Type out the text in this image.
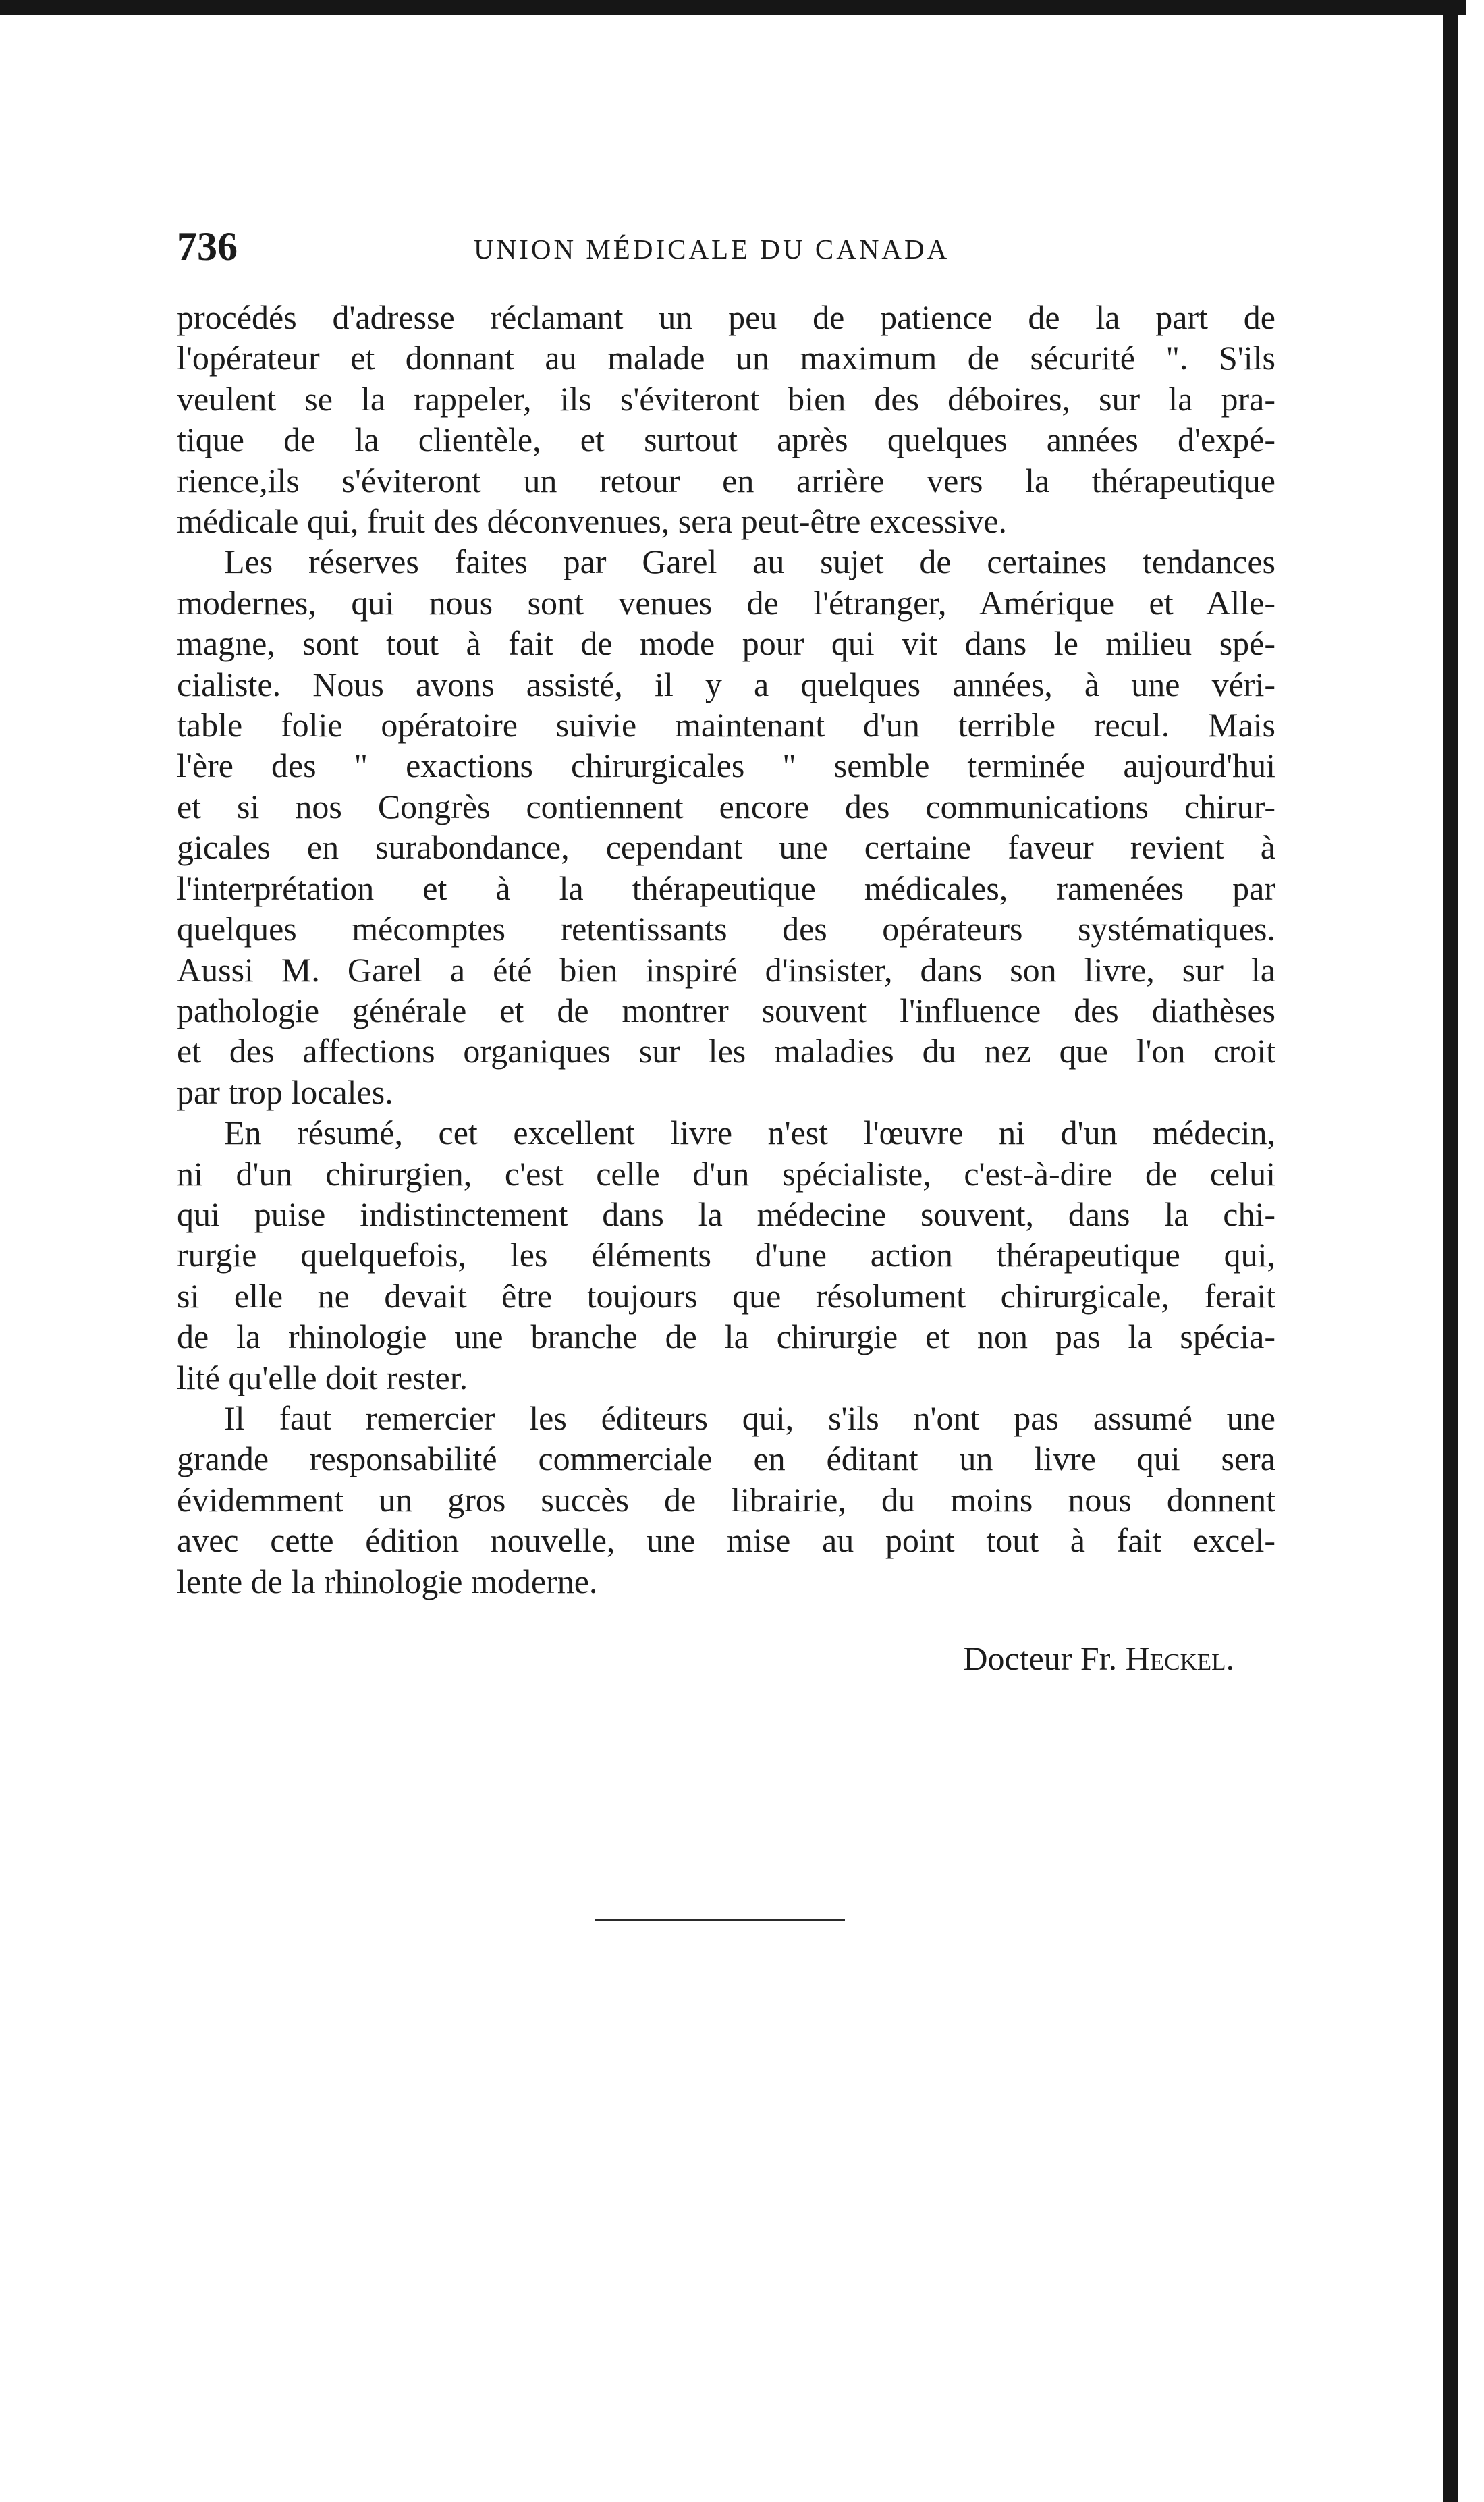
736	UNION MÉDICALE DU CANADA
procédés d'adresse réclamant un peu de patience de la part de
l'opérateur et donnant au malade un maximum de sécurité ". S'ils
veulent se la rappeler, ils s'éviteront bien des déboires, sur la pra-
tique de la clientèle, et surtout après quelques années d'expé-
rience,ils s'éviteront un retour en arrière vers la thérapeutique
médicale qui, fruit des déconvenues, sera peut-être excessive.
Les réserves faites par Garel au sujet de certaines tendances
modernes, qui nous sont venues de l'étranger, Amérique et Alle-
magne, sont tout à fait de mode pour qui vit dans le milieu spé-
cialiste. Nous avons assisté, il y a quelques années, à une véri-
table folie opératoire suivie maintenant d'un terrible recul. Mais
l'ère des " exactions chirurgicales " semble terminée aujourd'hui
et si nos Congrès contiennent encore des communications chirur-
gicales en surabondance, cependant une certaine faveur revient à
l'interprétation et à la thérapeutique médicales, ramenées par
quelques mécomptes retentissants des opérateurs systématiques.
Aussi M. Garel a été bien inspiré d'insister, dans son livre, sur la
pathologie générale et de montrer souvent l'influence des diathèses
et des affections organiques sur les maladies du nez que l'on croit
par trop locales.
En résumé, cet excellent livre n'est l'œuvre ni d'un médecin,
ni d'un chirurgien, c'est celle d'un spécialiste, c'est-à-dire de celui
qui puise indistinctement dans la médecine souvent, dans la chi-
rurgie quelquefois, les éléments d'une action thérapeutique qui,
si elle ne devait être toujours que résolument chirurgicale, ferait
de la rhinologie une branche de la chirurgie et non pas la spécia-
lité qu'elle doit rester.
Il faut remercier les éditeurs qui, s'ils n'ont pas assumé une
grande responsabilité commerciale en éditant un livre qui sera
évidemment un gros succès de librairie, du moins nous donnent
avec cette édition nouvelle, une mise au point tout à fait excel-
lente de la rhinologie moderne.
Docteur Fr. Heckel.
